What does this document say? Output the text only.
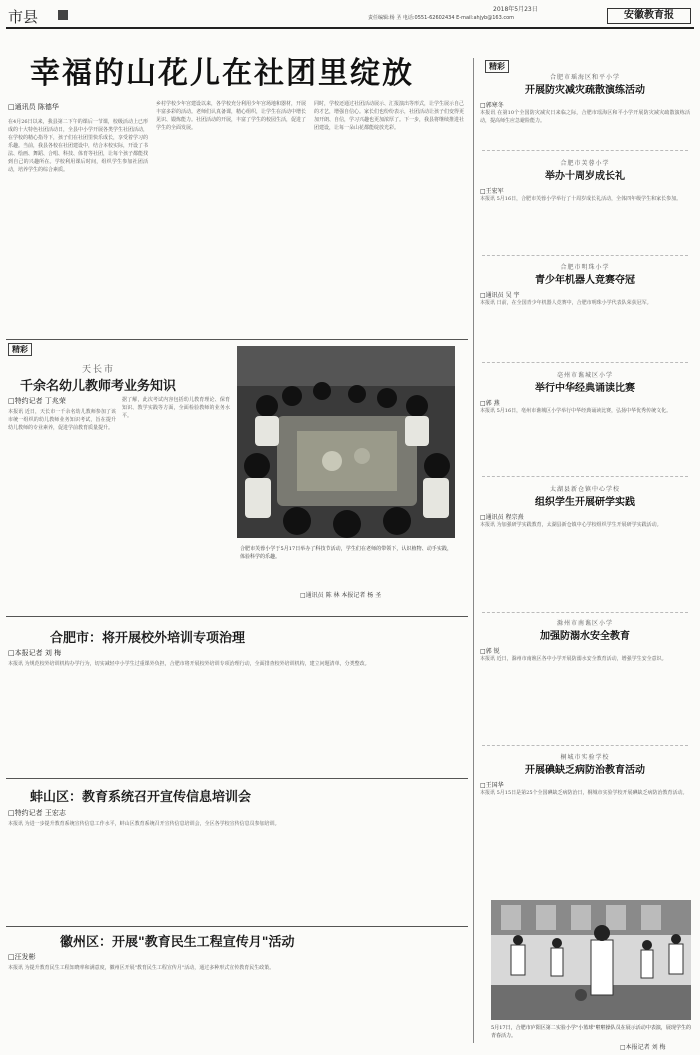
市县	2018年5月23日
责任编辑:杨 圣 电话:0551-62602434 E-mail:ahjyb@163.com	安徽教育报
幸福的山花儿在社团里绽放
□通讯员 陈德华
在4月26日以来，我县第二下午的课后一节课，校级活动上已形成的十大特色社团活动日，全县中小学开展各类学生社团活动，在学校的精心指导下，孩子们在社团里快乐成长，享受着学习的乐趣。当前，我县各校在社团建设中，结合本校实际，开设了书法、绘画、舞蹈、合唱、科技、体育等社团，让每个孩子都能找到自己的兴趣所在。学校利用课后时间，组织学生参加社团活动，培养学生的综合素质。
乡村学校少年宫建设以来，各学校充分利用少年宫场地和器材，开展丰富多彩的活动。老师们认真备课，精心组织，让学生在活动中增长见识、锻炼能力。社团活动的开展，丰富了学生的校园生活，促进了学生的全面发展。
同时，学校还通过社团活动展示、汇报演出等形式，让学生展示自己的才艺，增强自信心。家长们也纷纷表示，社团活动让孩子们变得更加开朗、自信，学习兴趣也更加浓厚了。下一步，我县将继续推进社团建设，让每一朵山花都能绽放光彩。
精彩
天长市
千余名幼儿教师考业务知识
□特约记者 丁兆荣
本报讯 近日，天长市一千余名幼儿教师参加了该市统一组织的幼儿教师业务知识考试，旨在提升幼儿教师的专业素养，促进学前教育质量提升。
据了解，此次考试内容包括幼儿教育理论、保育知识、教学实践等方面，全面检验教师的业务水平。
合肥市芙蓉小学于5月17日举办了科技节活动，学生们在老师的带领下，认识植物、动手实践，体验科学的乐趣。
□通讯员 陈 林 本报记者 杨 圣
合肥市：将开展校外培训专项治理
□本报记者 刘 梅
本报讯 为规范校外培训机构办学行为，切实减轻中小学生过重课外负担，合肥市将开展校外培训专项治理行动，全面排查校外培训机构，建立问题清单，分类整改。
蚌山区：教育系统召开宣传信息培训会
□特约记者 王宏志
本报讯 为进一步提升教育系统宣传信息工作水平，蚌山区教育系统召开宣传信息培训会，全区各学校宣传信息员参加培训。
徽州区：开展"教育民生工程宣传月"活动
□汪发彬
本报讯 为提升教育民生工程知晓率和满意度，徽州区开展"教育民生工程宣传月"活动，通过多种形式宣传教育民生政策。
精彩
合肥市瑶海区和平小学
开展防灾减灾疏散演练活动
□郭寒冬
本报讯 在第10个全国防灾减灾日来临之际，合肥市瑶海区和平小学开展防灾减灾疏散演练活动，提高师生应急避险能力。
合肥市芙蓉小学
举办十周岁成长礼
□王宏军
本报讯 5月16日，合肥市芙蓉小学举行了十周岁成长礼活动，全体四年级学生和家长参加。
合肥市明珠小学
青少年机器人竞赛夺冠
□通讯员 吴 宇
本报讯 日前，在全国青少年机器人竞赛中，合肥市明珠小学代表队荣获冠军。
亳州市谯城区小学
举行中华经典诵读比赛
□郭 燕
本报讯 5月16日，亳州市谯城区小学举行中华经典诵读比赛，弘扬中华优秀传统文化。
太湖县新仓镇中心学校
组织学生开展研学实践
□通讯员 程宗熹
本报讯 为加强研学实践教育，太湖县新仓镇中心学校组织学生开展研学实践活动。
滁州市南谯区小学
加强防溺水安全教育
□郭 锐
本报讯 近日，滁州市南谯区各中小学开展防溺水安全教育活动，增强学生安全意识。
桐城市实验学校
开展碘缺乏病防治教育活动
□王国华
本报讯 5月15日是第25个全国碘缺乏病防治日，桐城市实验学校开展碘缺乏病防治教育活动。
5月17日，合肥市庐阳区第二实验小学"小篮球"啦啦操队员在展示活动中表演，展现学生的青春活力。
□本报记者 刘 梅
